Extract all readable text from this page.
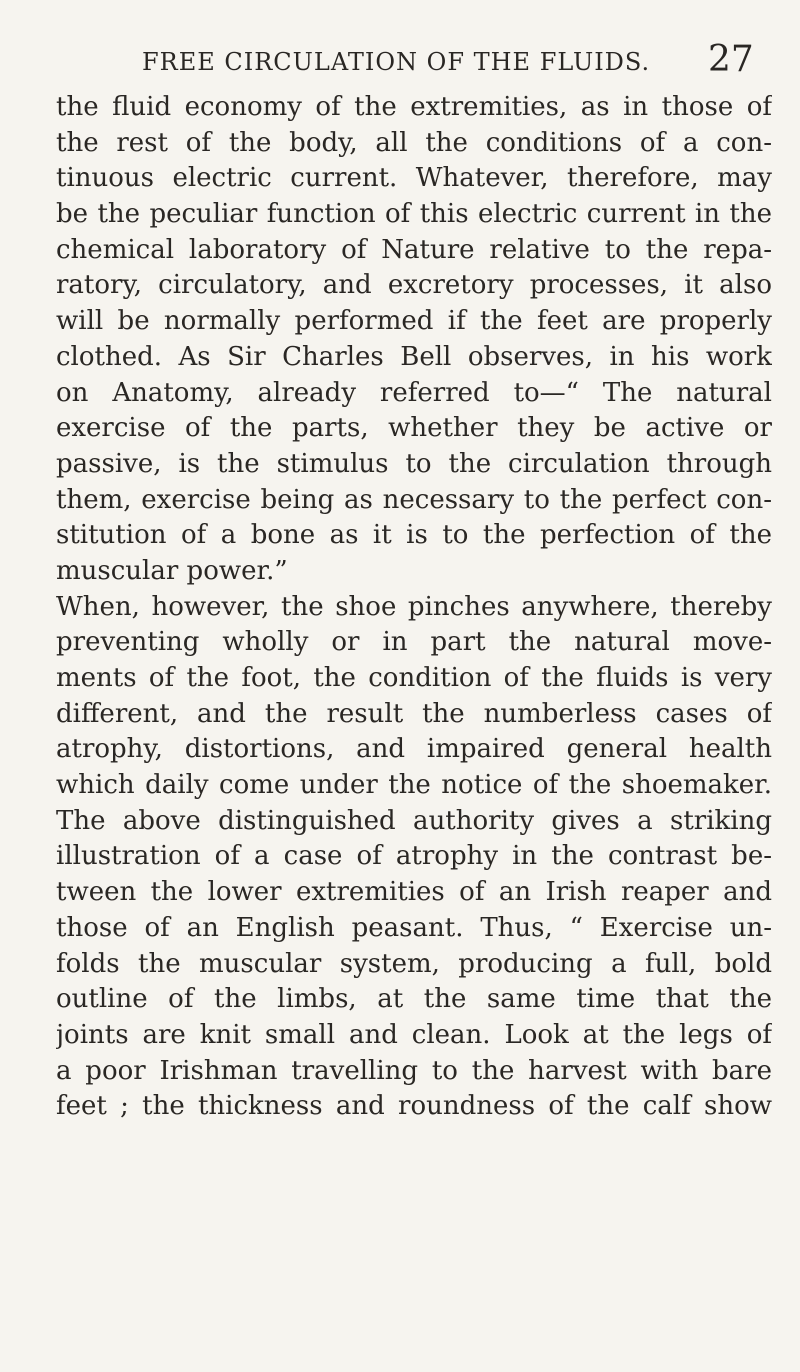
FREE CIRCULATION OF THE FLUIDS.	27
the fluid economy of the extremities, as in those of
the rest of the body, all the conditions of a con-
tinuous electric current. Whatever, therefore, may
be the peculiar function of this electric current in the
chemical laboratory of Nature relative to the repa-
ratory, circulatory, and excretory processes, it also
will be normally performed if the feet are properly
clothed. As Sir Charles Bell observes, in his work
on Anatomy, already referred to—“ The natural
exercise of the parts, whether they be active or
passive, is the stimulus to the circulation through
them, exercise being as necessary to the perfect con-
stitution of a bone as it is to the perfection of the
muscular power.”
When, however, the shoe pinches anywhere, thereby
preventing wholly or in part the natural move-
ments of the foot, the condition of the fluids is very
different, and the result the numberless cases of
atrophy, distortions, and impaired general health
which daily come under the notice of the shoemaker.
The above distinguished authority gives a striking
illustration of a case of atrophy in the contrast be-
tween the lower extremities of an Irish reaper and
those of an English peasant. Thus, “ Exercise un-
folds the muscular system, producing a full, bold
outline of the limbs, at the same time that the
joints are knit small and clean. Look at the legs of
a poor Irishman travelling to the harvest with bare
feet ; the thickness and roundness of the calf show
